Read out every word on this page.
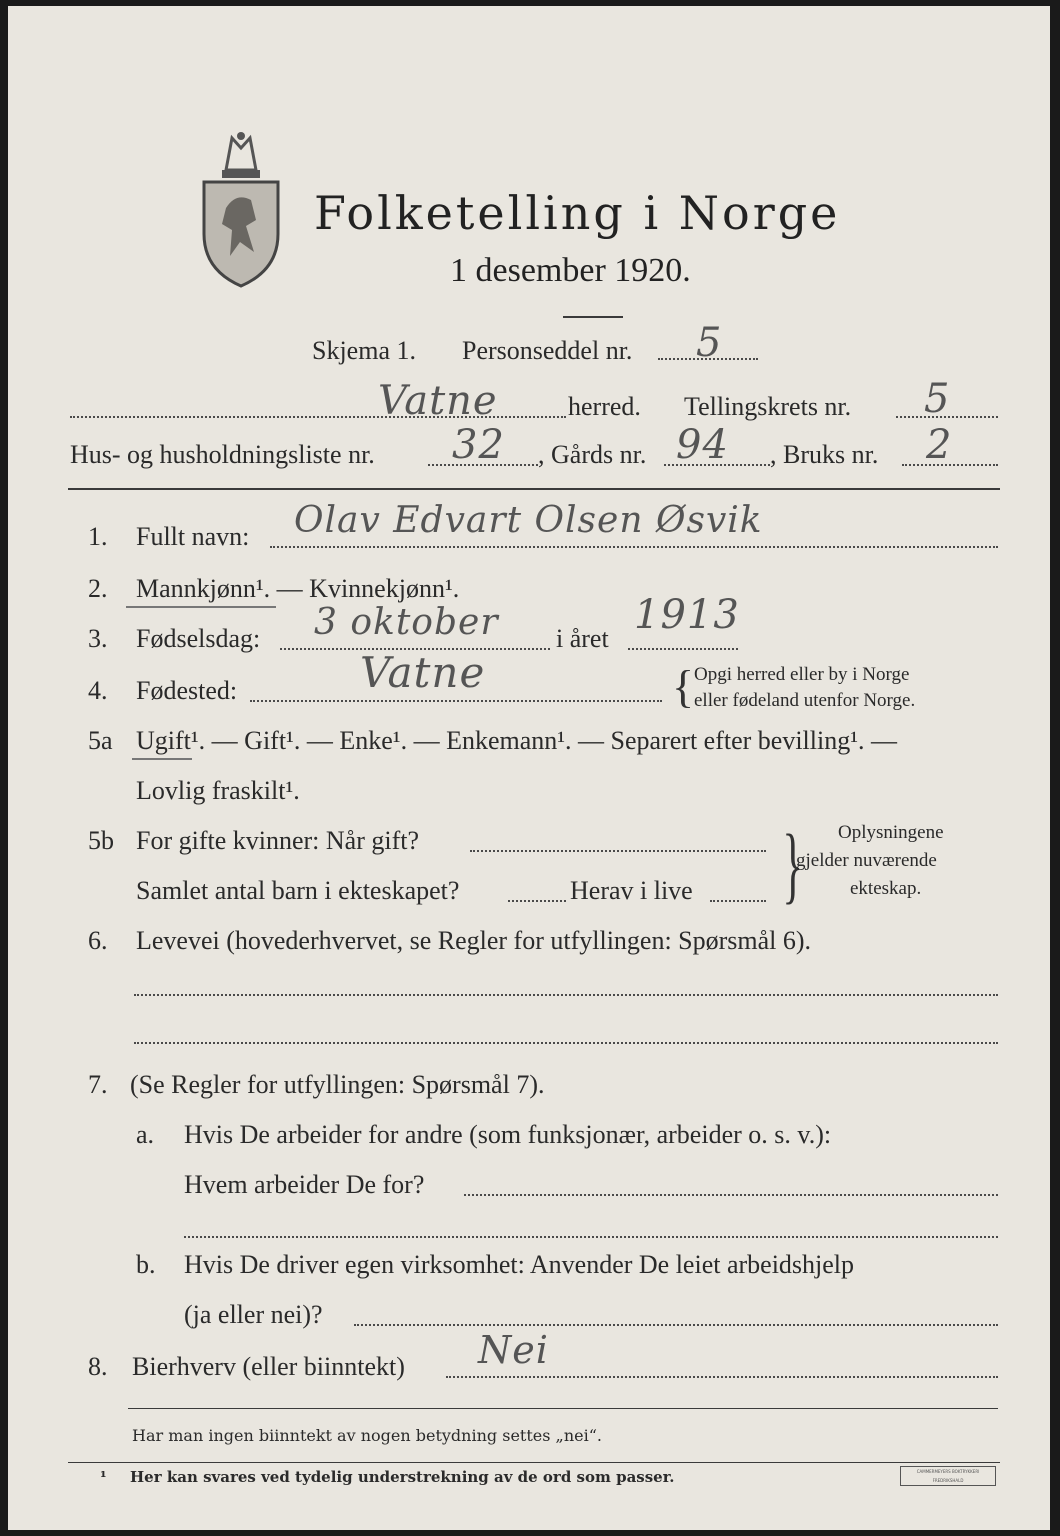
Folketelling i Norge
1 desember 1920.
Skjema 1. Personseddel nr. 5
Vatne	herred. Tellingskrets nr. 5
Hus- og husholdningsliste nr. 32 , Gårds nr. 94 , Bruks nr. 2
1. Fullt navn: Olav Edvart Olsen Øsvik
2. Mannkjønn¹. — Kvinnekjønn¹.
3. Fødselsdag: 3 oktober i året
1913
4. Fødested:	Vatne	{ Opgi herred eller by i Norge
eller fødeland utenfor Norge.
5a Ugift¹. — Gift¹. — Enke¹. — Enkemann¹. — Separert efter bevilling¹. —
Lovlig fraskilt¹.
5b For gifte kvinner: Når gift?
Samlet antal barn i ekteskapet?	Herav i live } Oplysningene
gjelder nuværende
ekteskap.
6. Levevei (hovederhvervet, se Regler for utfyllingen: Spørsmål 6).
7. (Se Regler for utfyllingen: Spørsmål 7).
a. Hvis De arbeider for andre (som funksjonær, arbeider o. s. v.):
Hvem arbeider De for?
b. Hvis De driver egen virksomhet: Anvender De leiet arbeidshjelp
(ja eller nei)?
8. Bierhverv (eller biinntekt) Nei
Har man ingen biinntekt av nogen betydning settes „nei“.
¹ Her kan svares ved tydelig understrekning av de ord som passer.	CAMMERMEYERS BOKTRYKKERI FREDRIKSHALD
